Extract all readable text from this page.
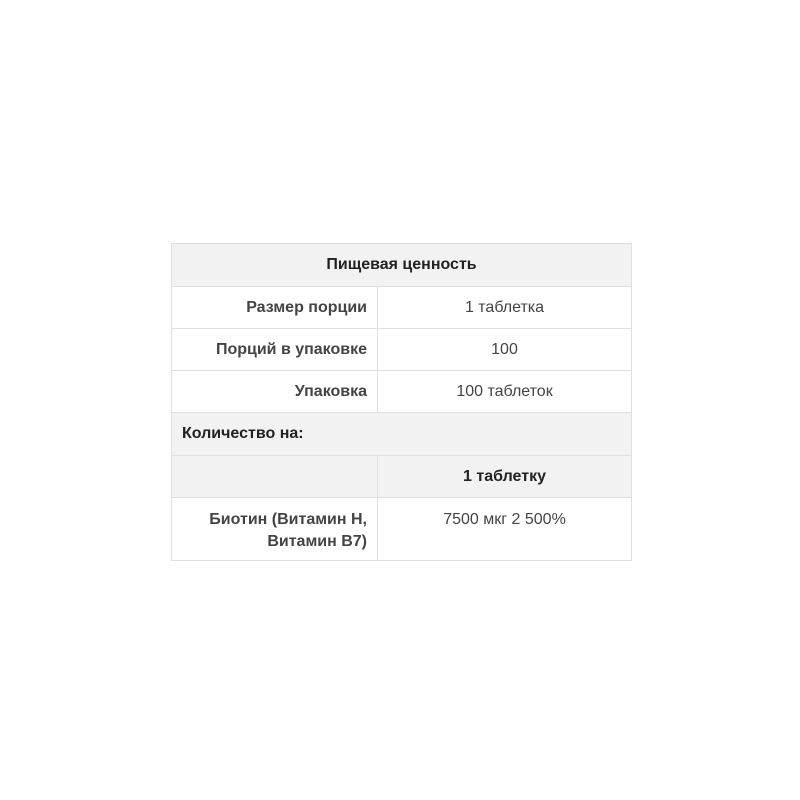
Пищевая ценность	
Размер порции	1 таблетка
Порций в упаковке	100
Упаковка	100 таблеток
Количество на:	
	1 таблетку
Биотин (Витамин Н, Витамин В7)	7500 мкг 2 500%
